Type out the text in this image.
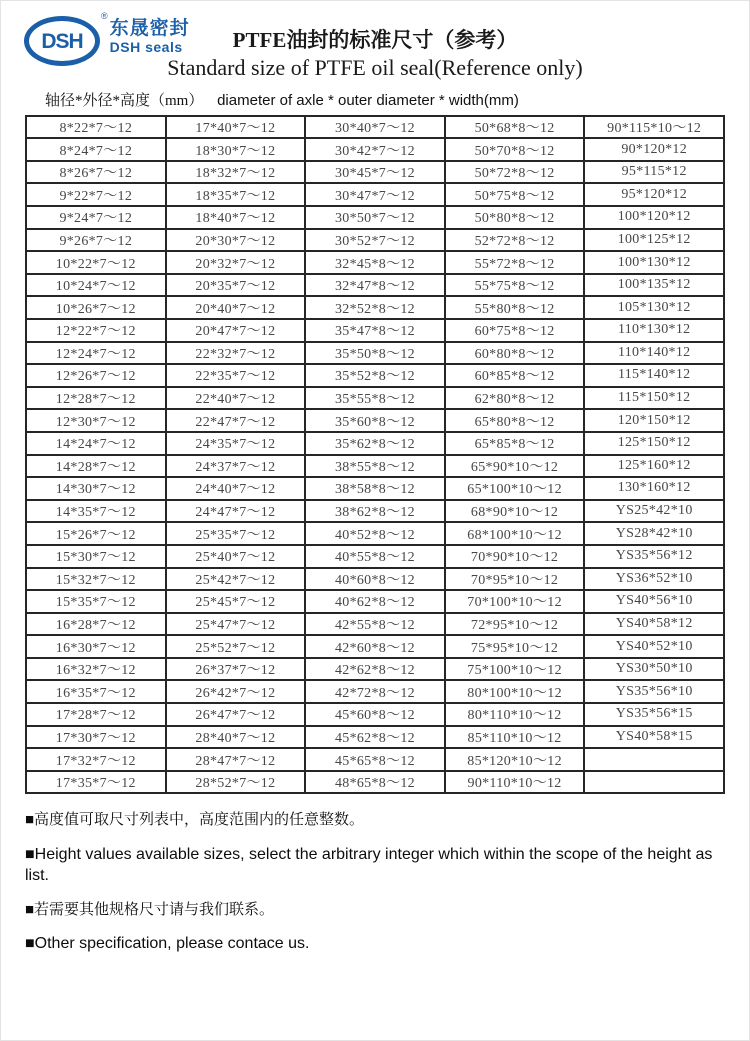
DSH
®
东晟密封
DSH seals	PTFE油封的标准尺寸（参考）

Standard size of PTFE oil seal(Reference only)

轴径*外径*高度（mm） diameter of axle * outer diameter * width(mm)
8*22*7～12	17*40*7～12	30*40*7～12	50*68*8～12	90*115*10～12
8*24*7～12	18*30*7～12	30*42*7～12	50*70*8～12	90*120*12
8*26*7～12	18*32*7～12	30*45*7～12	50*72*8～12	95*115*12
9*22*7～12	18*35*7～12	30*47*7～12	50*75*8～12	95*120*12
9*24*7～12	18*40*7～12	30*50*7～12	50*80*8～12	100*120*12
9*26*7～12	20*30*7～12	30*52*7～12	52*72*8～12	100*125*12
10*22*7～12	20*32*7～12	32*45*8～12	55*72*8～12	100*130*12
10*24*7～12	20*35*7～12	32*47*8～12	55*75*8～12	100*135*12
10*26*7～12	20*40*7～12	32*52*8～12	55*80*8～12	105*130*12
12*22*7～12	20*47*7～12	35*47*8～12	60*75*8～12	110*130*12
12*24*7～12	22*32*7～12	35*50*8～12	60*80*8～12	110*140*12
12*26*7～12	22*35*7～12	35*52*8～12	60*85*8～12	115*140*12
12*28*7～12	22*40*7～12	35*55*8～12	62*80*8～12	115*150*12
12*30*7～12	22*47*7～12	35*60*8～12	65*80*8～12	120*150*12
14*24*7～12	24*35*7～12	35*62*8～12	65*85*8～12	125*150*12
14*28*7～12	24*37*7～12	38*55*8～12	65*90*10～12	125*160*12
14*30*7～12	24*40*7～12	38*58*8～12	65*100*10～12	130*160*12
14*35*7～12	24*47*7～12	38*62*8～12	68*90*10～12	YS25*42*10
15*26*7～12	25*35*7～12	40*52*8～12	68*100*10～12	YS28*42*10
15*30*7～12	25*40*7～12	40*55*8～12	70*90*10～12	YS35*56*12
15*32*7～12	25*42*7～12	40*60*8～12	70*95*10～12	YS36*52*10
15*35*7～12	25*45*7～12	40*62*8～12	70*100*10～12	YS40*56*10
16*28*7～12	25*47*7～12	42*55*8～12	72*95*10～12	YS40*58*12
16*30*7～12	25*52*7～12	42*60*8～12	75*95*10～12	YS40*52*10
16*32*7～12	26*37*7～12	42*62*8～12	75*100*10～12	YS30*50*10
16*35*7～12	26*42*7～12	42*72*8～12	80*100*10～12	YS35*56*10
17*28*7～12	26*47*7～12	45*60*8～12	80*110*10～12	YS35*56*15
17*30*7～12	28*40*7～12	45*62*8～12	85*110*10～12	YS40*58*15
17*32*7～12	28*47*7～12	45*65*8～12	85*120*10～12	
17*35*7～12	28*52*7～12	48*65*8～12	90*110*10～12	

■高度值可取尺寸列表中，高度范围内的任意整数。

■Height values available sizes, select the arbitrary integer which within the scope of the height as list.

■若需要其他规格尺寸请与我们联系。

■Other specification, please contace us.
